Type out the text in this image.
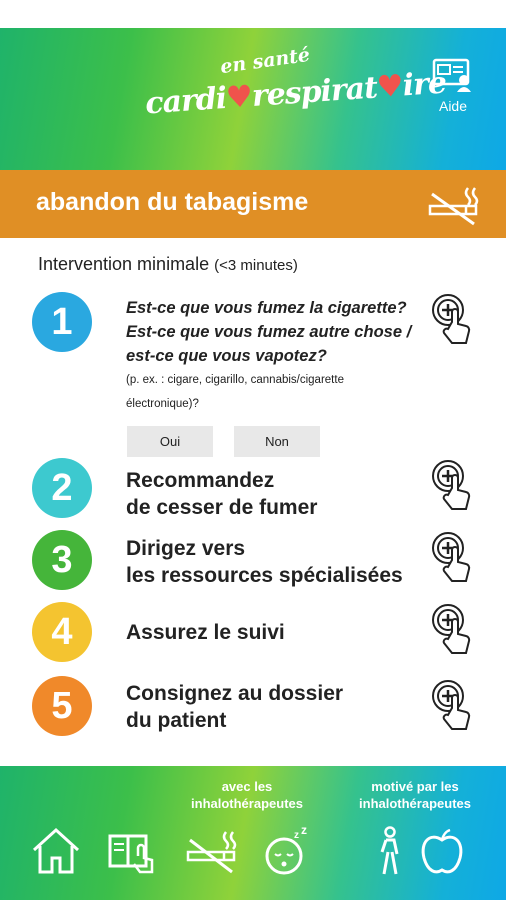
en santé
cardi♥respirat♥ire
Aide
abandon du tabagisme
Intervention minimale (<3 minutes)
1	Est-ce que vous fumez la cigarette? Est-ce que vous fumez autre chose / est-ce que vous vapotez?
(p. ex. : cigare, cigarillo, cannabis/cigarette électronique)?
Oui	Non
2	Recommandez
de cesser de fumer
3	Dirigez vers
les ressources spécialisées
4	Assurez le suivi
5	Consignez au dossier
du patient
avec les inhalothérapeutes
motivé par les inhalothérapeutes
z z
